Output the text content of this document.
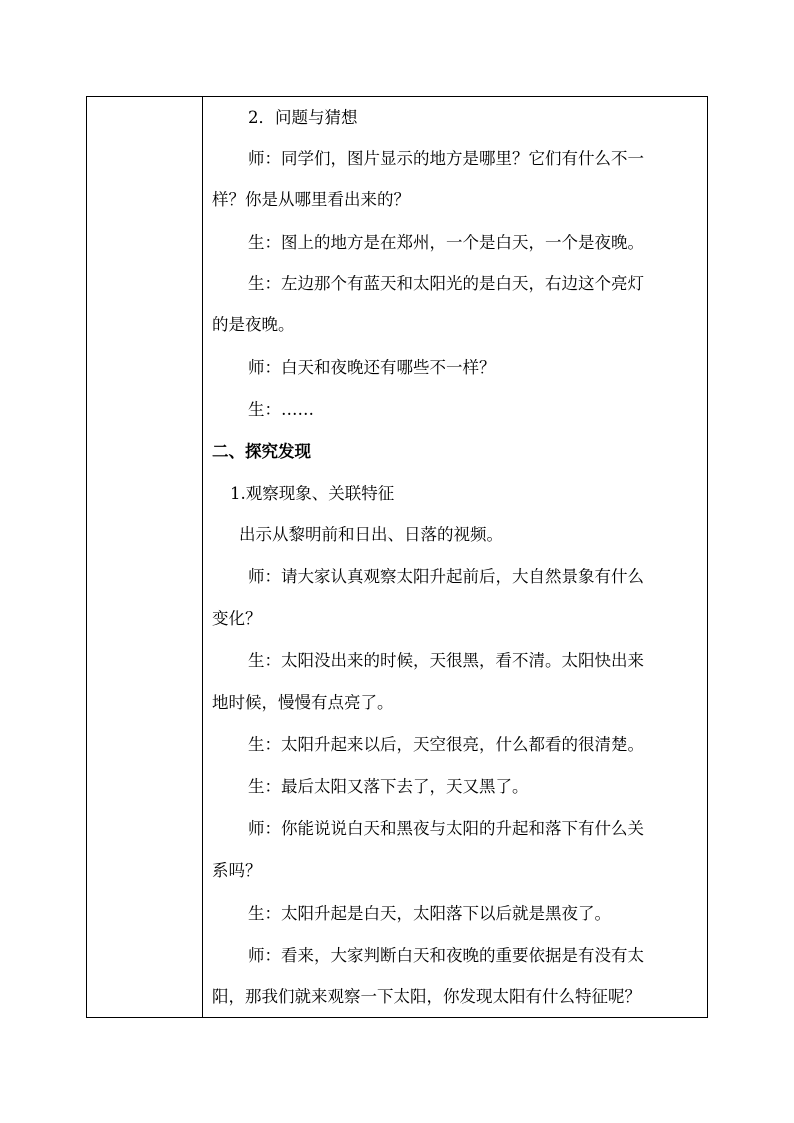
2．问题与猜想
师：同学们，图片显示的地方是哪里？它们有什么不一
样？你是从哪里看出来的？
生：图上的地方是在郑州，一个是白天，一个是夜晚。
生：左边那个有蓝天和太阳光的是白天，右边这个亮灯
的是夜晚。
师：白天和夜晚还有哪些不一样？
生：……
二、探究发现
1.观察现象、关联特征
出示从黎明前和日出、日落的视频。
师：请大家认真观察太阳升起前后，大自然景象有什么
变化？
生：太阳没出来的时候，天很黑，看不清。太阳快出来
地时候，慢慢有点亮了。
生：太阳升起来以后，天空很亮，什么都看的很清楚。
生：最后太阳又落下去了，天又黑了。
师：你能说说白天和黑夜与太阳的升起和落下有什么关
系吗？
生：太阳升起是白天，太阳落下以后就是黑夜了。
师：看来，大家判断白天和夜晚的重要依据是有没有太
阳，那我们就来观察一下太阳，你发现太阳有什么特征呢？
